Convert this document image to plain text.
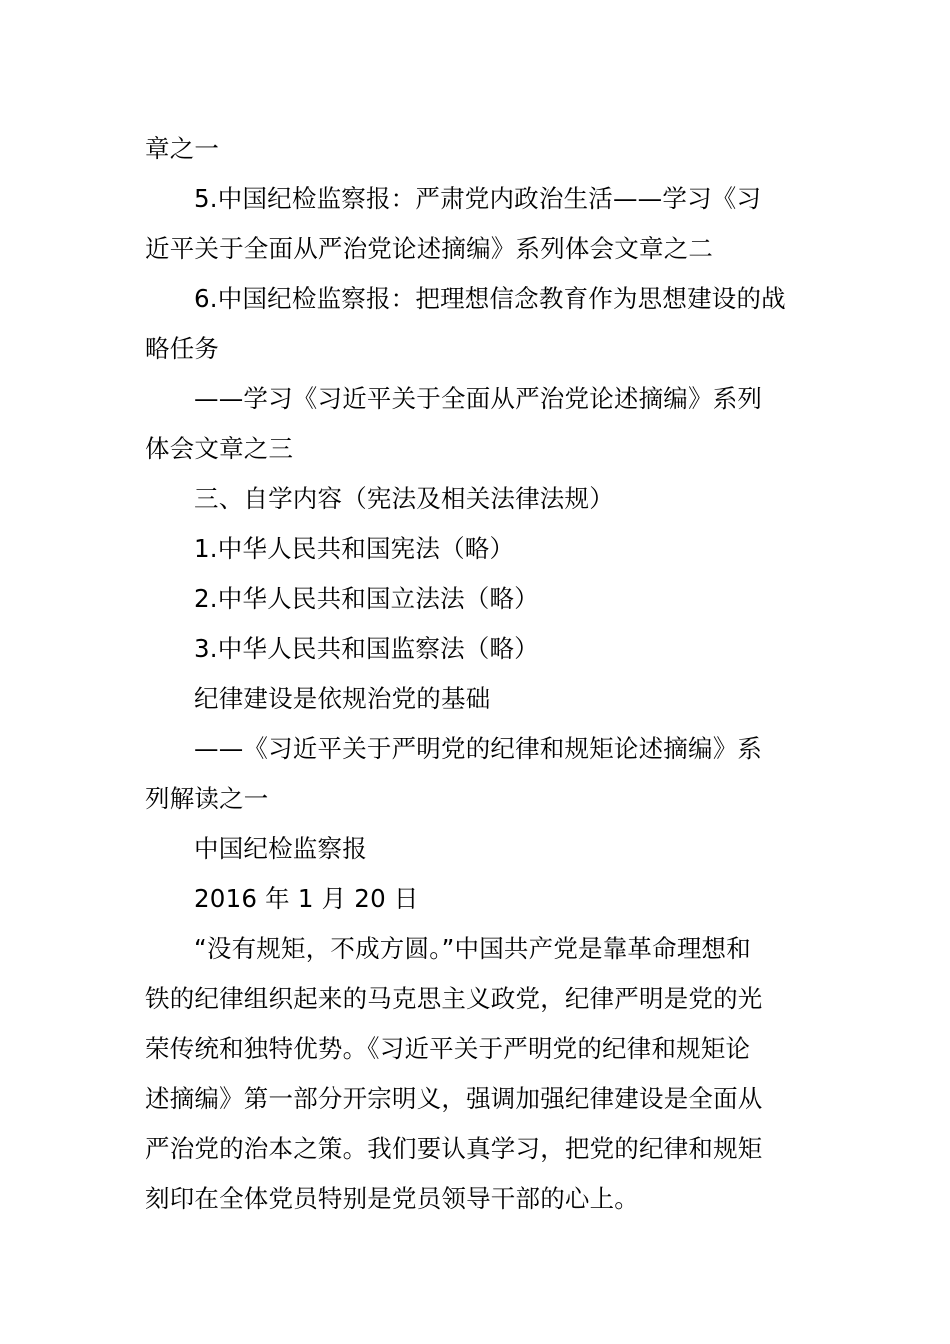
章之一
5.中国纪检监察报：严肃党内政治生活——学习《习
近平关于全面从严治党论述摘编》系列体会文章之二
6.中国纪检监察报：把理想信念教育作为思想建设的战
略任务
——学习《习近平关于全面从严治党论述摘编》系列
体会文章之三
三、自学内容（宪法及相关法律法规）
1.中华人民共和国宪法（略）
2.中华人民共和国立法法（略）
3.中华人民共和国监察法（略）
纪律建设是依规治党的基础
——《习近平关于严明党的纪律和规矩论述摘编》系
列解读之一
中国纪检监察报
2016 年 1 月 20 日
“没有规矩，不成方圆。”中国共产党是靠革命理想和
铁的纪律组织起来的马克思主义政党，纪律严明是党的光
荣传统和独特优势。《习近平关于严明党的纪律和规矩论
述摘编》第一部分开宗明义，强调加强纪律建设是全面从
严治党的治本之策。我们要认真学习，把党的纪律和规矩
刻印在全体党员特别是党员领导干部的心上。
